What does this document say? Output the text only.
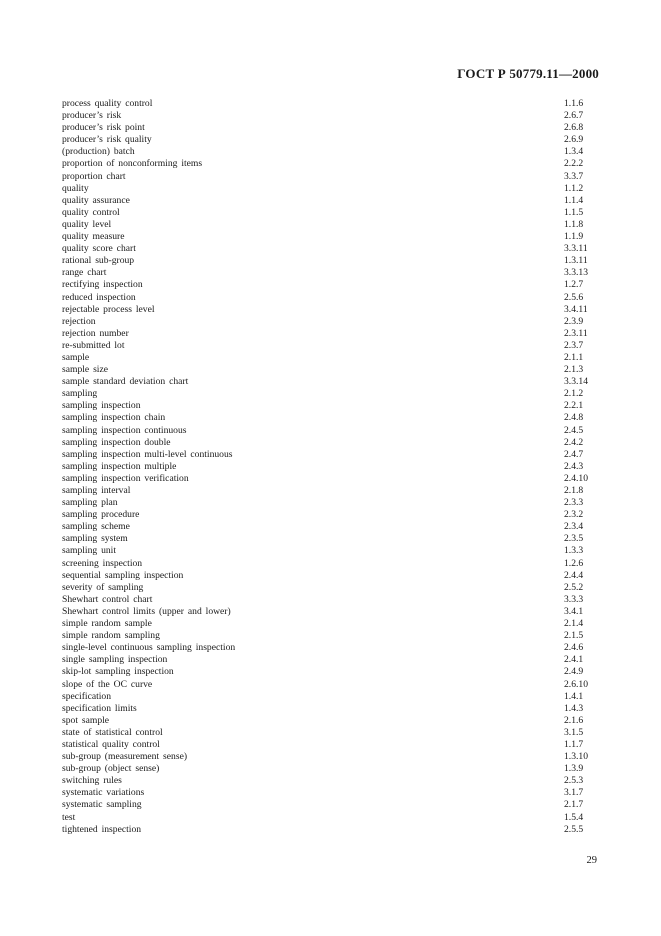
ГОСТ Р 50779.11—2000
process quality control	1.1.6
producer’s risk	2.6.7
producer’s risk point	2.6.8
producer’s risk quality	2.6.9
(production) batch	1.3.4
proportion of nonconforming items	2.2.2
proportion chart	3.3.7
quality	1.1.2
quality assurance	1.1.4
quality control	1.1.5
quality level	1.1.8
quality measure	1.1.9
quality score chart	3.3.11
rational sub-group	1.3.11
range chart	3.3.13
rectifying inspection	1.2.7
reduced inspection	2.5.6
rejectable process level	3.4.11
rejection	2.3.9
rejection number	2.3.11
re-submitted lot	2.3.7
sample	2.1.1
sample size	2.1.3
sample standard deviation chart	3.3.14
sampling	2.1.2
sampling inspection	2.2.1
sampling inspection chain	2.4.8
sampling inspection continuous	2.4.5
sampling inspection double	2.4.2
sampling inspection multi-level continuous	2.4.7
sampling inspection multiple	2.4.3
sampling inspection verification	2.4.10
sampling interval	2.1.8
sampling plan	2.3.3
sampling procedure	2.3.2
sampling scheme	2.3.4
sampling system	2.3.5
sampling unit	1.3.3
screening inspection	1.2.6
sequential sampling inspection	2.4.4
severity of sampling	2.5.2
Shewhart control chart	3.3.3
Shewhart control limits (upper and lower)	3.4.1
simple random sample	2.1.4
simple random sampling	2.1.5
single-level continuous sampling inspection	2.4.6
single sampling inspection	2.4.1
skip-lot sampling inspection	2.4.9
slope of the OC curve	2.6.10
specification	1.4.1
specification limits	1.4.3
spot sample	2.1.6
state of statistical control	3.1.5
statistical quality control	1.1.7
sub-group (measurement sense)	1.3.10
sub-group (object sense)	1.3.9
switching rules	2.5.3
systematic variations	3.1.7
systematic sampling	2.1.7
test	1.5.4
tightened inspection	2.5.5
29
